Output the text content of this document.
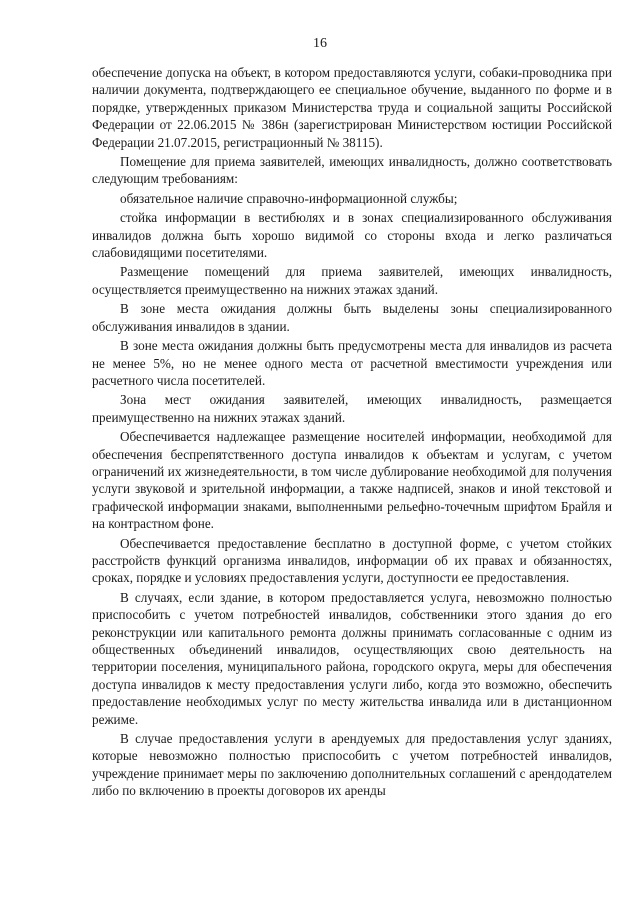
16

обеспечение допуска на объект, в котором предоставляются услуги, собаки-проводника при наличии документа, подтверждающего ее специальное обучение, выданного по форме и в порядке, утвержденных приказом Министерства труда и социальной защиты Российской Федерации от 22.06.2015 № 386н (зарегистрирован Министерством юстиции Российской Федерации 21.07.2015, регистрационный № 38115).

Помещение для приема заявителей, имеющих инвалидность, должно соответствовать следующим требованиям:

обязательное наличие справочно-информационной службы;

стойка информации в вестибюлях и в зонах специализированного обслуживания инвалидов должна быть хорошо видимой со стороны входа и легко различаться слабовидящими посетителями.

Размещение помещений для приема заявителей, имеющих инвалидность, осуществляется преимущественно на нижних этажах зданий.

В зоне места ожидания должны быть выделены зоны специализированного обслуживания инвалидов в здании.

В зоне места ожидания должны быть предусмотрены места для инвалидов из расчета не менее 5%, но не менее одного места от расчетной вместимости учреждения или расчетного числа посетителей.

Зона мест ожидания заявителей, имеющих инвалидность, размещается преимущественно на нижних этажах зданий.

Обеспечивается надлежащее размещение носителей информации, необходимой для обеспечения беспрепятственного доступа инвалидов к объектам и услугам, с учетом ограничений их жизнедеятельности, в том числе дублирование необходимой для получения услуги звуковой и зрительной информации, а также надписей, знаков и иной текстовой и графической информации знаками, выполненными рельефно-точечным шрифтом Брайля и на контрастном фоне.

Обеспечивается предоставление бесплатно в доступной форме, с учетом стойких расстройств функций организма инвалидов, информации об их правах и обязанностях, сроках, порядке и условиях предоставления услуги, доступности ее предоставления.

В случаях, если здание, в котором предоставляется услуга, невозможно полностью приспособить с учетом потребностей инвалидов, собственники этого здания до его реконструкции или капитального ремонта должны принимать согласованные с одним из общественных объединений инвалидов, осуществляющих свою деятельность на территории поселения, муниципального района, городского округа, меры для обеспечения доступа инвалидов к месту предоставления услуги либо, когда это возможно, обеспечить предоставление необходимых услуг по месту жительства инвалида или в дистанционном режиме.

В случае предоставления услуги в арендуемых для предоставления услуг зданиях, которые невозможно полностью приспособить с учетом потребностей инвалидов, учреждение принимает меры по заключению дополнительных соглашений с арендодателем либо по включению в проекты договоров их аренды
